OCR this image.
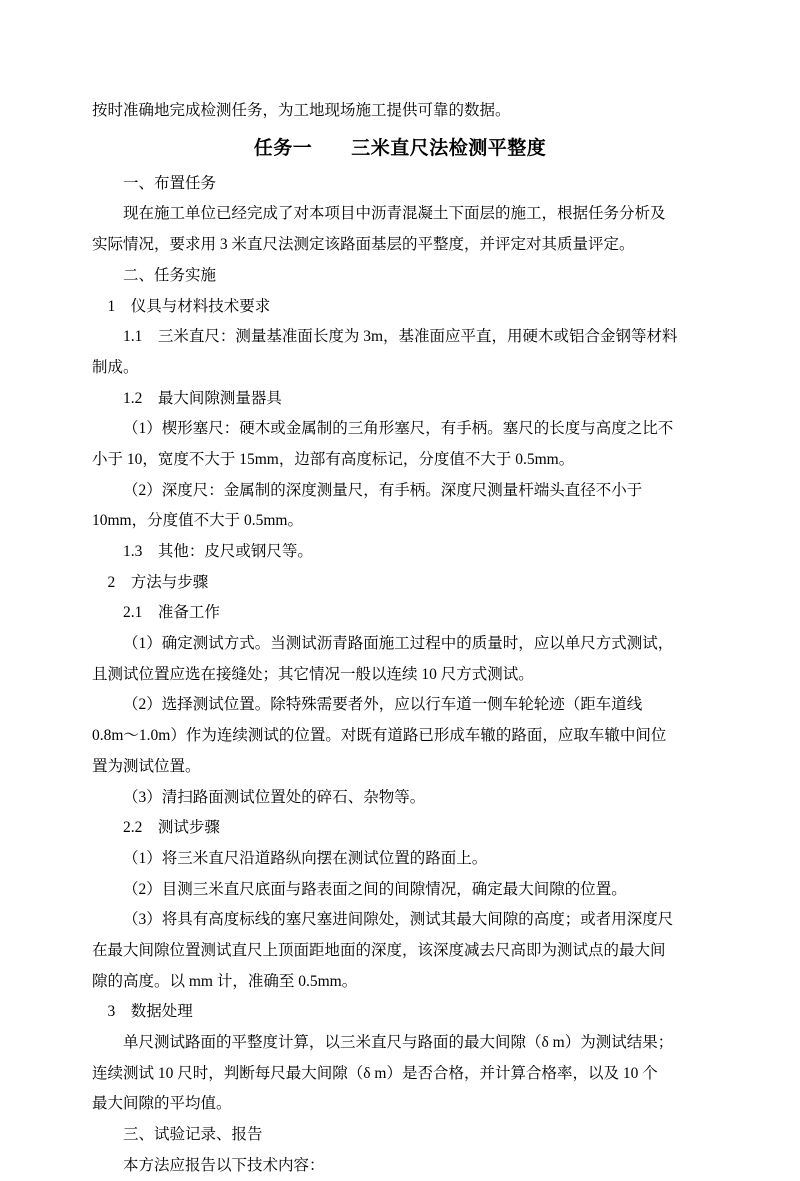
按时准确地完成检测任务，为工地现场施工提供可靠的数据。

任务一　　三米直尺法检测平整度

一、布置任务

现在施工单位已经完成了对本项目中沥青混凝土下面层的施工，根据任务分析及

实际情况，要求用 3 米直尺法测定该路面基层的平整度，并评定对其质量评定。

二、任务实施

1　仪具与材料技术要求

1.1　三米直尺：测量基准面长度为 3m，基准面应平直，用硬木或铝合金钢等材料

制成。

1.2　最大间隙测量器具

（1）楔形塞尺：硬木或金属制的三角形塞尺，有手柄。塞尺的长度与高度之比不

小于 10，宽度不大于 15mm，边部有高度标记，分度值不大于 0.5mm。

（2）深度尺：金属制的深度测量尺，有手柄。深度尺测量杆端头直径不小于

10mm，分度值不大于 0.5mm。

1.3　其他：皮尺或钢尺等。

2　方法与步骤

2.1　准备工作

（1）确定测试方式。当测试沥青路面施工过程中的质量时，应以单尺方式测试，

且测试位置应选在接缝处；其它情况一般以连续 10 尺方式测试。

（2）选择测试位置。除特殊需要者外，应以行车道一侧车轮轮迹（距车道线

0.8m～1.0m）作为连续测试的位置。对既有道路已形成车辙的路面，应取车辙中间位

置为测试位置。

（3）清扫路面测试位置处的碎石、杂物等。

2.2　测试步骤

（1）将三米直尺沿道路纵向摆在测试位置的路面上。

（2）目测三米直尺底面与路表面之间的间隙情况，确定最大间隙的位置。

（3）将具有高度标线的塞尺塞进间隙处，测试其最大间隙的高度；或者用深度尺

在最大间隙位置测试直尺上顶面距地面的深度，该深度减去尺高即为测试点的最大间

隙的高度。以 mm 计，准确至 0.5mm。

3　数据处理

单尺测试路面的平整度计算，以三米直尺与路面的最大间隙（δ m）为测试结果；

连续测试 10 尺时，判断每尺最大间隙（δ m）是否合格，并计算合格率，以及 10 个

最大间隙的平均值。

三、试验记录、报告

本方法应报告以下技术内容：
